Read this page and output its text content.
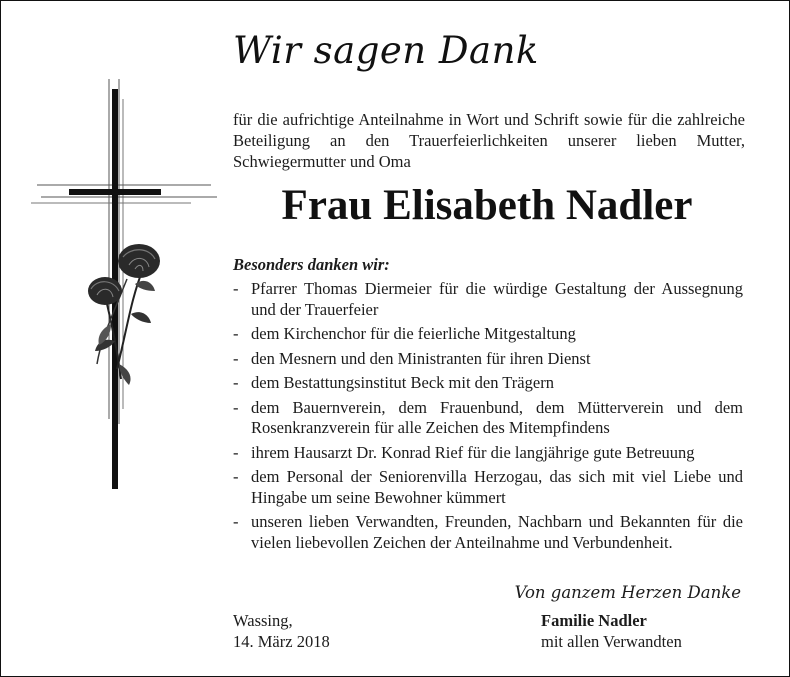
Wir sagen Dank
für die aufrichtige Anteilnahme in Wort und Schrift sowie für die zahlreiche Beteiligung an den Trauerfeierlichkeiten unserer lieben Mutter, Schwiegermutter und Oma
Frau Elisabeth Nadler
Besonders danken wir:
- Pfarrer Thomas Diermeier für die würdige Gestaltung der Aussegnung und der Trauerfeier
- dem Kirchenchor für die feierliche Mitgestaltung
- den Mesnern und den Ministranten für ihren Dienst
- dem Bestattungsinstitut Beck mit den Trägern
- dem Bauernverein, dem Frauenbund, dem Mütterverein und dem Rosenkranzverein für alle Zeichen des Mitempfindens
- ihrem Hausarzt Dr. Konrad Rief für die langjährige gute Betreuung
- dem Personal der Seniorenvilla Herzogau, das sich mit viel Liebe und Hingabe um seine Bewohner kümmert
- unseren lieben Verwandten, Freunden, Nachbarn und Bekannten für die vielen liebevollen Zeichen der Anteilnahme und Verbundenheit.
Von ganzem Herzen Danke
Wassing,
14. März 2018
Familie Nadler
mit allen Verwandten
